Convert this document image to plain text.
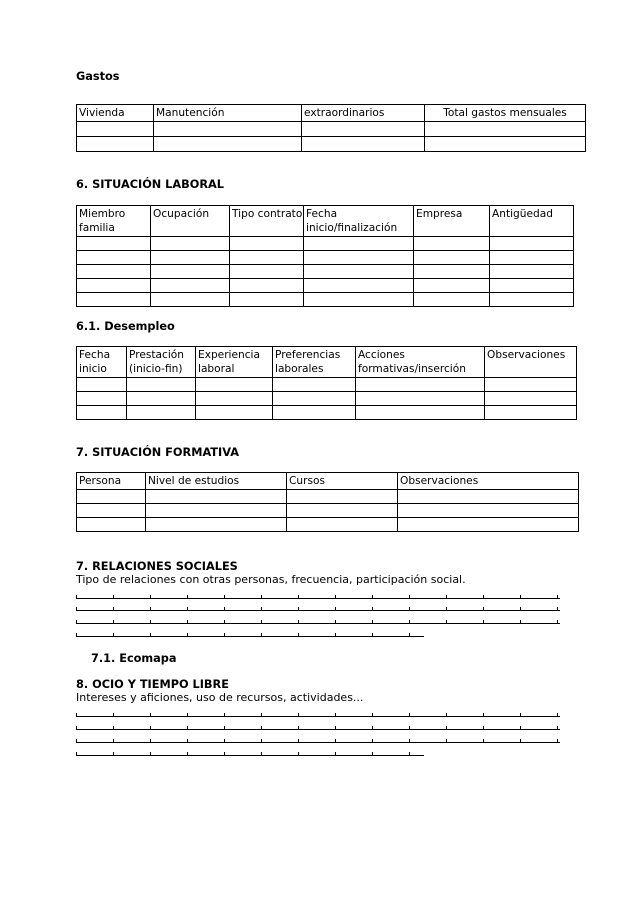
Gastos
Vivienda	Manutención	extraordinarios	Total gastos mensuales

6. SITUACIÓN LABORAL
Miembro familia	Ocupación	Tipo contrato	Fecha inicio/finalización	Empresa	Antigüedad

6.1. Desempleo
Fecha inicio	Prestación (inicio-fin)	Experiencia laboral	Preferencias laborales	Acciones formativas/inserción	Observaciones

7. SITUACIÓN FORMATIVA
Persona	Nivel de estudios	Cursos	Observaciones

7. RELACIONES SOCIALES
Tipo de relaciones con otras personas, frecuencia, participación social.
7.1. Ecomapa
8. OCIO Y TIEMPO LIBRE
Intereses y aficiones, uso de recursos, actividades...
